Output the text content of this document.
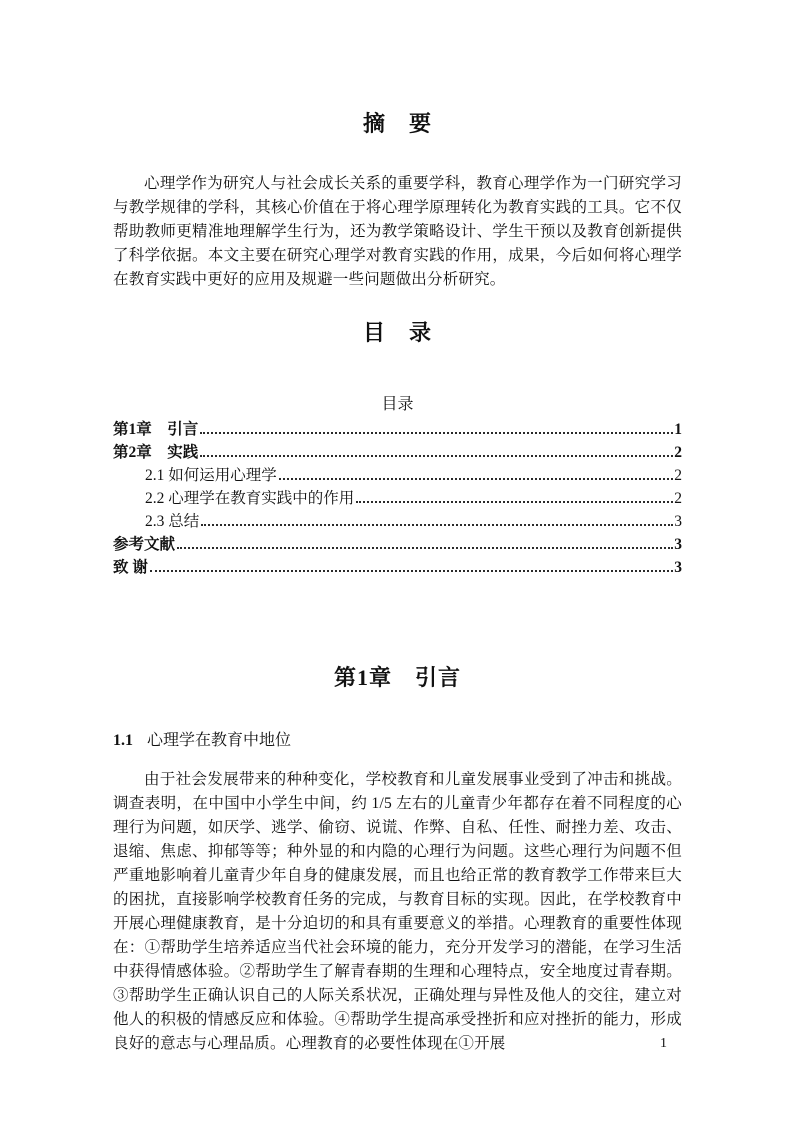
摘　要

心理学作为研究人与社会成长关系的重要学科，教育心理学作为一门研究学习与教学规律的学科，其核心价值在于将心理学原理转化为教育实践的工具。它不仅帮助教师更精准地理解学生行为，还为教学策略设计、学生干预以及教育创新提供了科学依据。本文主要在研究心理学对教育实践的作用，成果，今后如何将心理学在教育实践中更好的应用及规避一些问题做出分析研究。

目　录
目录
第1章　引言	1
第2章　实践	2
2.1 如何运用心理学	2
2.2 心理学在教育实践中的作用	2
2.3 总结	3
参考文献	3
致 谢	3
第1章　引言
1.1 心理学在教育中地位

由于社会发展带来的种种变化，学校教育和儿童发展事业受到了冲击和挑战。调查表明，在中国中小学生中间，约 1/5 左右的儿童青少年都存在着不同程度的心理行为问题，如厌学、逃学、偷窃、说谎、作弊、自私、任性、耐挫力差、攻击、退缩、焦虑、抑郁等等；种外显的和内隐的心理行为问题。这些心理行为问题不但严重地影响着儿童青少年自身的健康发展，而且也给正常的教育教学工作带来巨大的困扰，直接影响学校教育任务的完成，与教育目标的实现。因此，在学校教育中开展心理健康教育，是十分迫切的和具有重要意义的举措。心理教育的重要性体现在：①帮助学生培养适应当代社会环境的能力，充分开发学习的潜能，在学习生活中获得情感体验。②帮助学生了解青春期的生理和心理特点，安全地度过青春期。③帮助学生正确认识自己的人际关系状况，正确处理与异性及他人的交往，建立对他人的积极的情感反应和体验。④帮助学生提高承受挫折和应对挫折的能力，形成良好的意志与心理品质。心理教育的必要性体现在①开展	1
